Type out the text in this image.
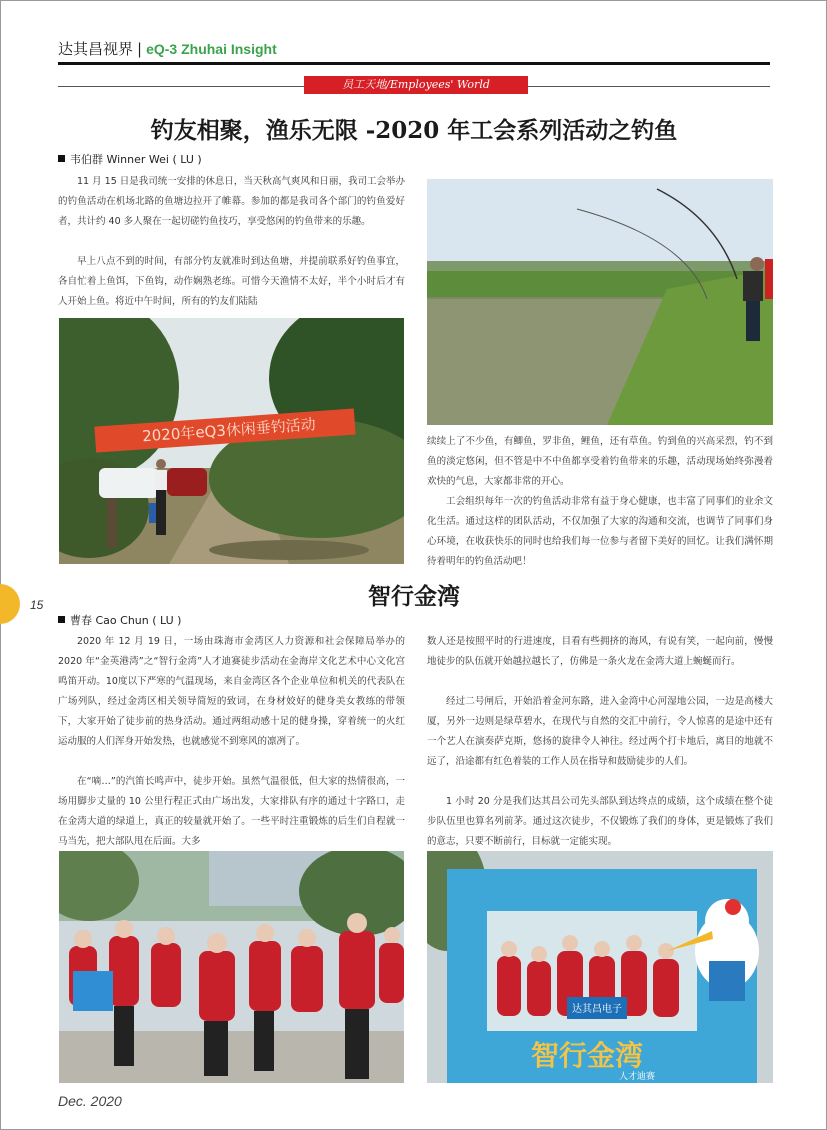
达其昌视界 | eQ-3 Zhuhai Insight
员工天地/Employees' World
钓友相聚，渔乐无限 -2020 年工会系列活动之钓鱼
韦伯群 Winner Wei ( LU )

11 月 15 日是我司统一安排的休息日，当天秋高气爽风和日丽，我司工会举办的钓鱼活动在机场北路的鱼塘边拉开了帷幕。参加的都是我司各个部门的钓鱼爱好者，共计约 40 多人聚在一起切磋钓鱼技巧，享受悠闲的钓鱼带来的乐趣。

早上八点不到的时间，有部分钓友就准时到达鱼塘，并提前联系好钓鱼事宜，各自忙着上鱼饵，下鱼钩，动作娴熟老练。可惜今天渔情不太好，半个小时后才有人开始上鱼。将近中午时间，所有的钓友们陆陆

2020年eQ3休闲垂钓活动	续续上了不少鱼，有鲫鱼，罗非鱼，鲤鱼，还有草鱼。钓到鱼的兴高采烈，钓不到鱼的淡定悠闲，但不管是中不中鱼都享受着钓鱼带来的乐趣，活动现场始终弥漫着欢快的气息，大家都非常的开心。

工会组织每年一次的钓鱼活动非常有益于身心健康，也丰富了同事们的业余文化生活。通过这样的团队活动，不仅加强了大家的沟通和交流，也调节了同事们身心环境，在收获快乐的同时也给我们每一位参与者留下美好的回忆。让我们满怀期待着明年的钓鱼活动吧！

15	智行金湾
曹春 Cao Chun ( LU )

2020 年 12 月 19 日，一场由珠海市金湾区人力资源和社会保障局举办的 2020 年“金英港湾”之“智行金湾”人才迪赛徒步活动在金海岸文化艺术中心文化宫鸣笛开动。10度以下严寒的气温现场，来自金湾区各个企业单位和机关的代表队在广场列队，经过金湾区相关领导简短的致词，在身材姣好的健身美女教练的带领下，大家开始了徒步前的热身活动。通过两组动感十足的健身操，穿着统一的火红运动服的人们浑身开始发热，也就感觉不到寒风的凛冽了。

在“嘀…”的汽笛长鸣声中，徒步开始。虽然气温很低，但大家的热情很高，一场用脚步丈量的 10 公里行程正式由广场出发，大家排队有序的通过十字路口，走在金湾大道的绿道上，真正的较量就开始了。一些平时注重锻炼的后生们自程就一马当先，把大部队甩在后面。大多

数人还是按照平时的行进速度，目看有些拥挤的海风，有说有笑，一起向前，慢慢地徒步的队伍就开始越拉越长了，仿佛是一条火龙在金湾大道上蜿蜒而行。

经过二号闸后，开始沿着金河东路，进入金湾中心河湿地公园，一边是高楼大厦，另外一边则是绿草碧水，在现代与自然的交汇中前行，令人惊喜的是途中还有一个艺人在演奏萨克斯，悠扬的旋律令人神往。经过两个打卡地后，离目的地就不远了，沿途都有红色着装的工作人员在指导和鼓励徒步的人们。

1 小时 20 分是我们达其昌公司先头部队到达终点的成绩，这个成绩在整个徒步队伍里也算名列前茅。通过这次徒步，不仅锻炼了我们的身体，更是锻炼了我们的意志，只要不断前行，目标就一定能实现。

达其昌电子
智行金湾
人才迪赛
Dec. 2020
